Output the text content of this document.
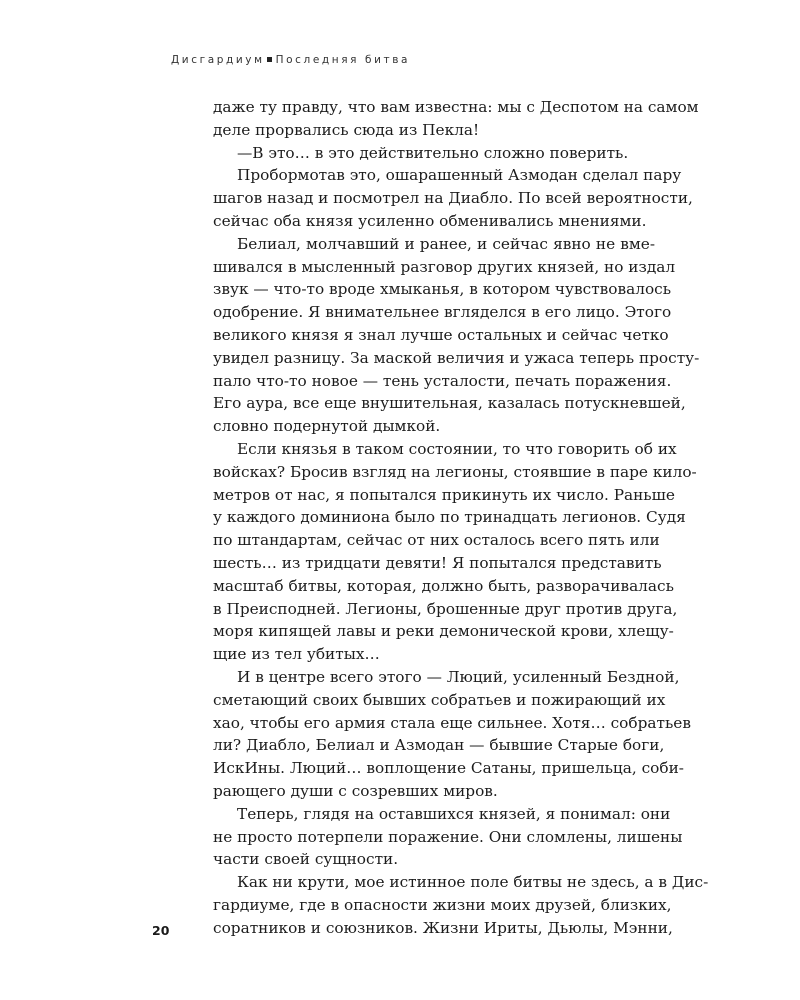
Дисгардиум Последняя битва
даже ту правду, что вам известна: мы с Деспотом на самом
деле прорвались сюда из Пекла!
—В это… в это действительно сложно поверить.
Пробормотав это, ошарашенный Азмодан сделал пару
шагов назад и посмотрел на Диабло. По всей вероятности,
сейчас оба князя усиленно обменивались мнениями.
Белиал, молчавший и ранее, и сейчас явно не вме-
шивался в мысленный разговор других князей, но издал
звук — что-то вроде хмыканья, в котором чувствовалось
одобрение. Я внимательнее вгляделся в его лицо. Этого
великого князя я знал лучше остальных и сейчас четко
увидел разницу. За маской величия и ужаса теперь просту-
пало что-то новое — тень усталости, печать поражения.
Его аура, все еще внушительная, казалась потускневшей,
словно подернутой дымкой.
Если князья в таком состоянии, то что говорить об их
войсках? Бросив взгляд на легионы, стоявшие в паре кило-
метров от нас, я попытался прикинуть их число. Раньше
у каждого доминиона было по тринадцать легионов. Судя
по штандартам, сейчас от них осталось всего пять или
шесть… из тридцати девяти! Я попытался представить
масштаб битвы, которая, должно быть, разворачивалась
в Преисподней. Легионы, брошенные друг против друга,
моря кипящей лавы и реки демонической крови, хлещу-
щие из тел убитых…
И в центре всего этого — Люций, усиленный Бездной,
сметающий своих бывших собратьев и пожирающий их
хао, чтобы его армия стала еще сильнее. Хотя… собратьев
ли? Диабло, Белиал и Азмодан — бывшие Старые боги,
ИскИны. Люций… воплощение Сатаны, пришельца, соби-
рающего души с созревших миров.
Теперь, глядя на оставшихся князей, я понимал: они
не просто потерпели поражение. Они сломлены, лишены
части своей сущности.
Как ни крути, мое истинное поле битвы не здесь, а в Дис-
гардиуме, где в опасности жизни моих друзей, близких,
соратников и союзников. Жизни Ириты, Дьюлы, Мэнни,
20
